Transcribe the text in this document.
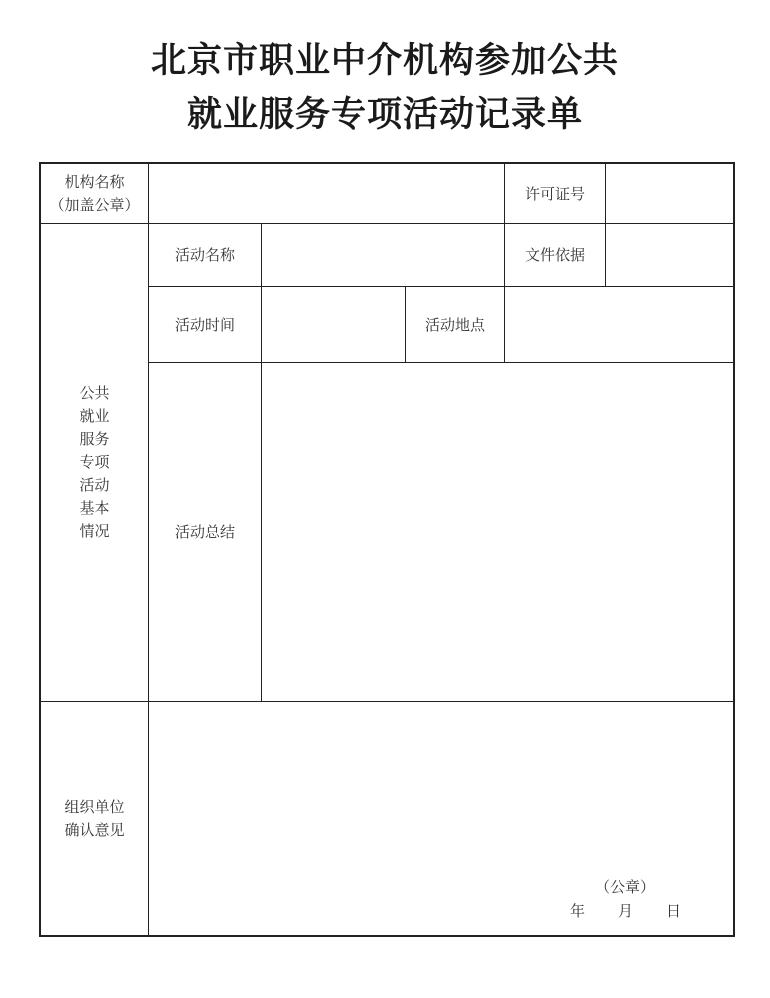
北京市职业中介机构参加公共
就业服务专项活动记录单
机构名称
（加盖公章）
许可证号
公共
就业
服务
专项
活动
基本
情况
活动名称	文件依据
活动时间	活动地点
活动总结
组织单位
确认意见
（公章）
年 月 日
